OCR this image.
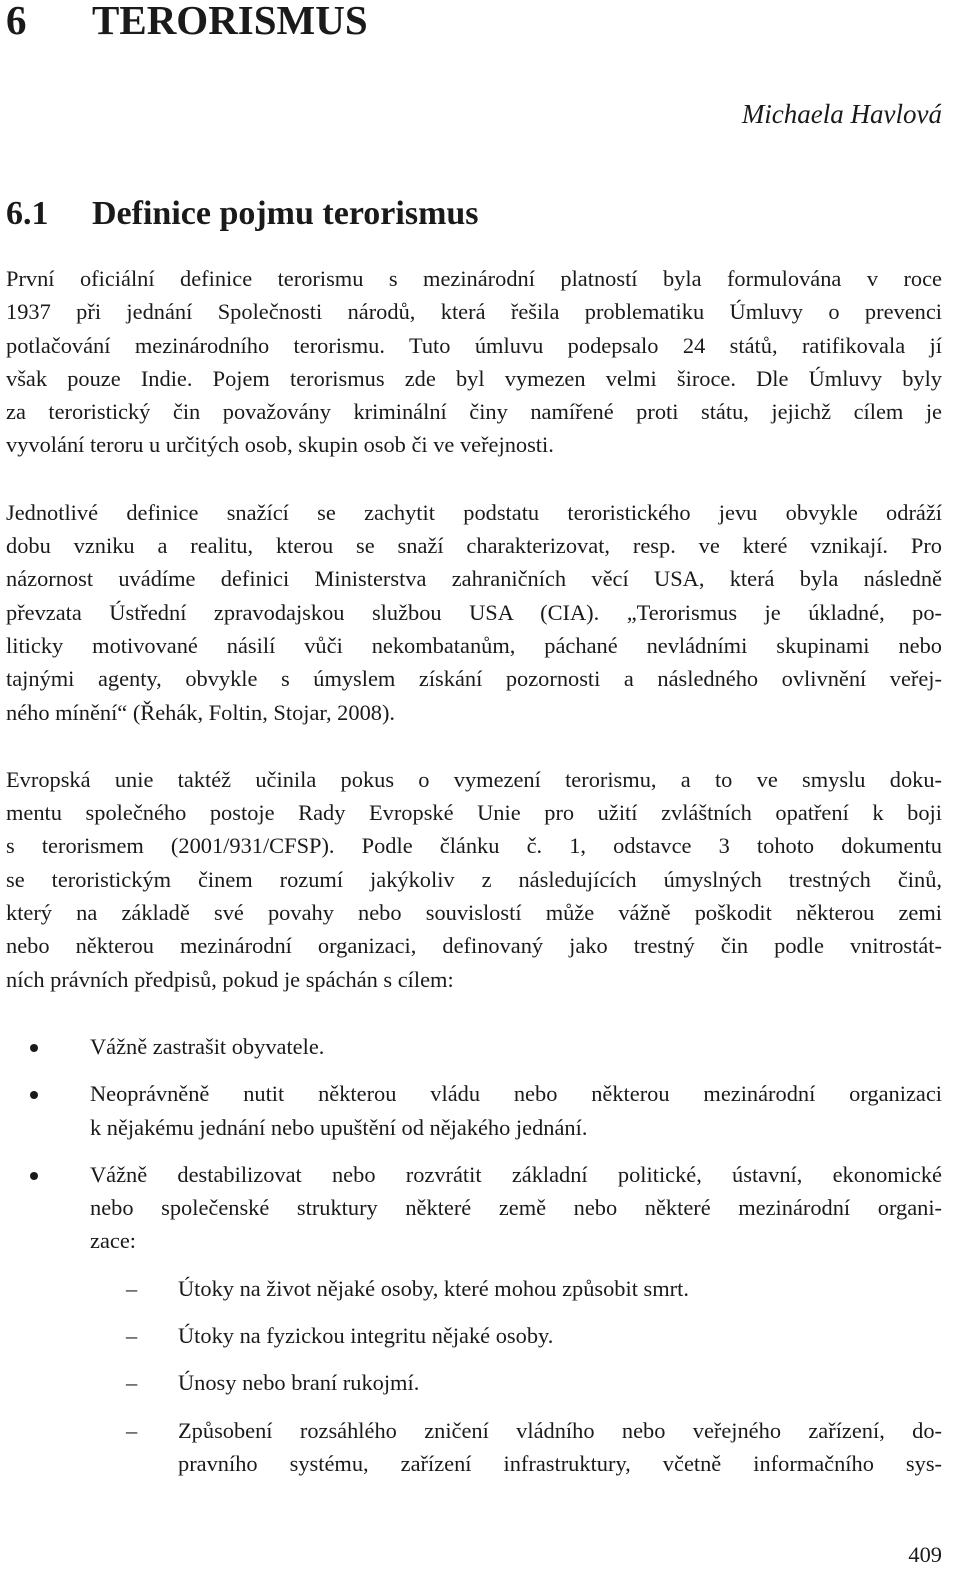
6 TERORISMUS
Michaela Havlová
6.1 Definice pojmu terorismus

První oficiální definice terorismu s mezinárodní platností byla formulována v roce
1937 při jednání Společnosti národů, která řešila problematiku Úmluvy o prevenci
potlačování mezinárodního terorismu. Tuto úmluvu podepsalo 24 států, ratifikovala jí
však pouze Indie. Pojem terorismus zde byl vymezen velmi široce. Dle Úmluvy byly
za teroristický čin považovány kriminální činy namířené proti státu, jejichž cílem je
vyvolání teroru u určitých osob, skupin osob či ve veřejnosti.

Jednotlivé definice snažící se zachytit podstatu teroristického jevu obvykle odráží
dobu vzniku a realitu, kterou se snaží charakterizovat, resp. ve které vznikají. Pro
názornost uvádíme definici Ministerstva zahraničních věcí USA, která byla následně
převzata Ústřední zpravodajskou službou USA (CIA). „Terorismus je úkladné, po-
liticky motivované násilí vůči nekombatanům, páchané nevládními skupinami nebo
tajnými agenty, obvykle s úmyslem získání pozornosti a následného ovlivnění veřej-
ného mínění“ (Řehák, Foltin, Stojar, 2008).

Evropská unie taktéž učinila pokus o vymezení terorismu, a to ve smyslu doku-
mentu společného postoje Rady Evropské Unie pro užití zvláštních opatření k boji
s terorismem (2001/931/CFSP). Podle článku č. 1, odstavce 3 tohoto dokumentu
se teroristickým činem rozumí jakýkoliv z následujících úmyslných trestných činů,
který na základě své povahy nebo souvislostí může vážně poškodit některou zemi
nebo některou mezinárodní organizaci, definovaný jako trestný čin podle vnitrostát-
ních právních předpisů, pokud je spáchán s cílem:

Vážně zastrašit obyvatele.
Neoprávněně nutit některou vládu nebo některou mezinárodní organizaci
k nějakému jednání nebo upuštění od nějakého jednání.
Vážně destabilizovat nebo rozvrátit základní politické, ústavní, ekonomické
nebo společenské struktury některé země nebo některé mezinárodní organi-
zace:
– Útoky na život nějaké osoby, které mohou způsobit smrt.
– Útoky na fyzickou integritu nějaké osoby.
– Únosy nebo braní rukojmí.
– Způsobení rozsáhlého zničení vládního nebo veřejného zařízení, do-
pravního systému, zařízení infrastruktury, včetně informačního sys-
409
